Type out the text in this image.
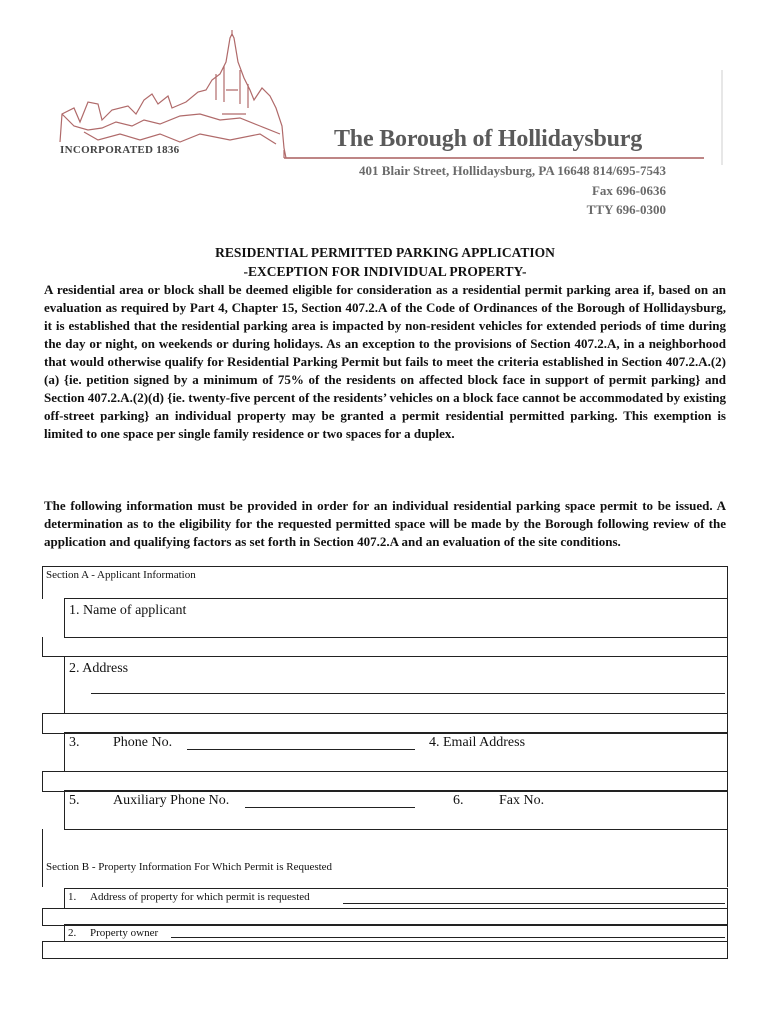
INCORPORATED 1836	The Borough of Hollidaysburg
401 Blair Street, Hollidaysburg, PA 16648 814/695-7543
Fax 696-0636
TTY 696-0300
RESIDENTIAL PERMITTED PARKING APPLICATION
-EXCEPTION FOR INDIVIDUAL PROPERTY-

A residential area or block shall be deemed eligible for consideration as a residential permit parking area if, based on an evaluation as required by Part 4, Chapter 15, Section 407.2.A of the Code of Ordinances of the Borough of Hollidaysburg, it is established that the residential parking area is impacted by non-resident vehicles for extended periods of time during the day or night, on weekends or during holidays. As an exception to the provisions of Section 407.2.A, in a neighborhood that would otherwise qualify for Residential Parking Permit but fails to meet the criteria established in Section 407.2.A.(2)(a) {ie. petition signed by a minimum of 75% of the residents on affected block face in support of permit parking} and Section 407.2.A.(2)(d) {ie. twenty-five percent of the residents’ vehicles on a block face cannot be accommodated by existing off-street parking} an individual property may be granted a permit residential permitted parking. This exemption is limited to one space per single family residence or two spaces for a duplex.

The following information must be provided in order for an individual residential parking space permit to be issued. A determination as to the eligibility for the requested permitted space will be made by the Borough following review of the application and qualifying factors as set forth in Section 407.2.A and an evaluation of the site conditions.

Section A - Applicant Information
1. Name of applicant
2. Address
3. Phone No.	4. Email Address
5. Auxiliary Phone No.	6.	Fax No.
Section B - Property Information For Which Permit is Requested
1. Address of property for which permit is requested
2. Property owner
